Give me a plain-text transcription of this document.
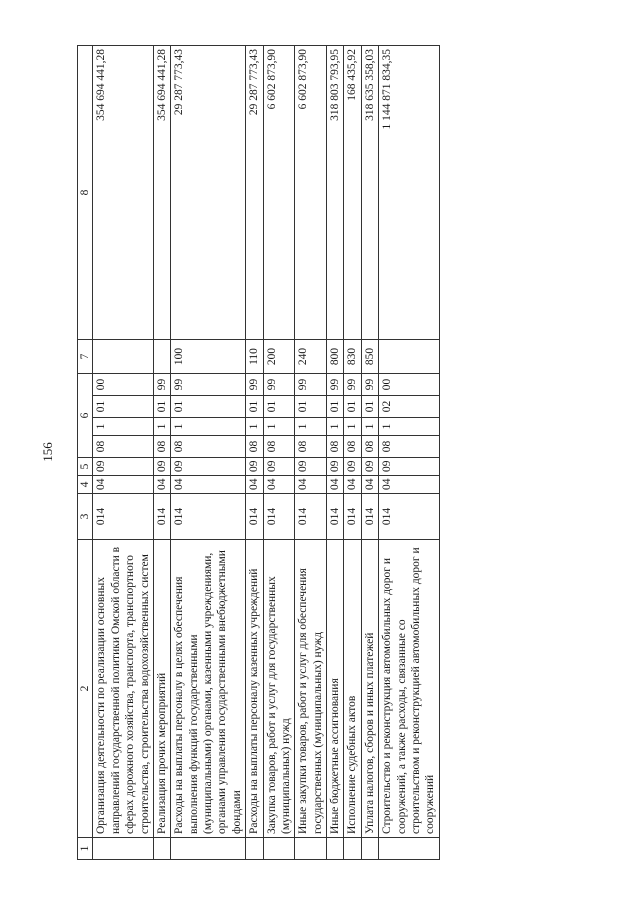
156
1	2	3	4	5	6				7	8
	Организация деятельности по реализации основных направлений государственной политики Омской области в сферах дорожного хозяйства, транспорта, транспортного строительства, строительства водохозяйственных систем	014	04	09	08	1	01	00		354 694 441,28
	Реализация прочих мероприятий	014	04	09	08	1	01	99		354 694 441,28
	Расходы на выплаты персоналу в целях обеспечения выполнения функций государственными (муниципальными) органами, казенными учреждениями, органами управления государственными внебюджетными фондами	014	04	09	08	1	01	99	100	29 287 773,43
	Расходы на выплаты персоналу казенных учреждений	014	04	09	08	1	01	99	110	29 287 773,43
	Закупка товаров, работ и услуг для государственных (муниципальных) нужд	014	04	09	08	1	01	99	200	6 602 873,90
	Иные закупки товаров, работ и услуг для обеспечения государственных (муниципальных) нужд	014	04	09	08	1	01	99	240	6 602 873,90
	Иные бюджетные ассигнования	014	04	09	08	1	01	99	800	318 803 793,95
	Исполнение судебных актов	014	04	09	08	1	01	99	830	168 435,92
	Уплата налогов, сборов и иных платежей	014	04	09	08	1	01	99	850	318 635 358,03
	Строительство и реконструкция автомобильных дорог и сооружений, а также расходы, связанные со строительством и реконструкцией автомобильных дорог и сооружений	014	04	09	08	1	02	00		1 144 871 834,35
